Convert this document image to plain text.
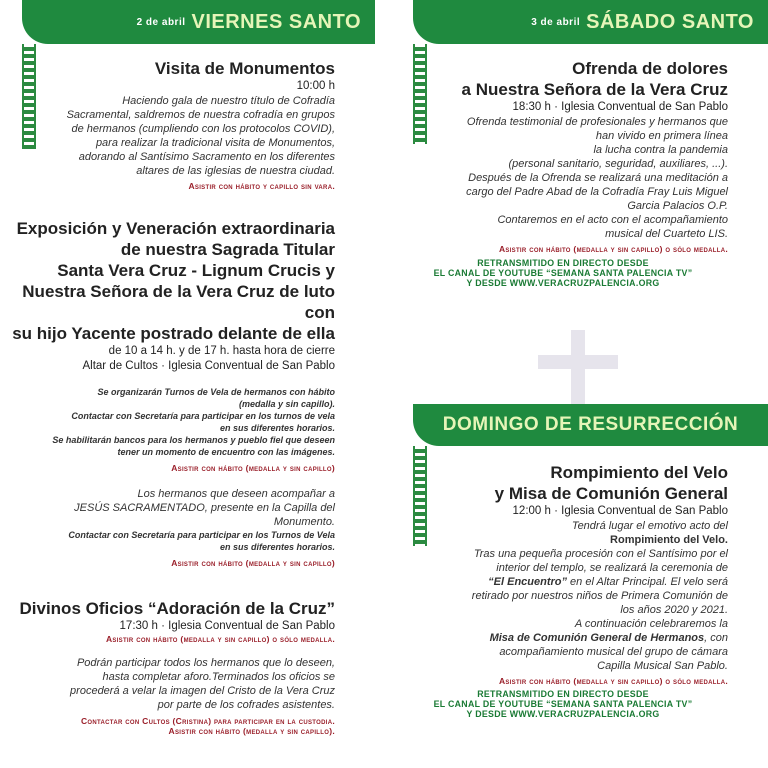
2 de abril VIERNES SANTO
Visita de Monumentos
10:00 h
Haciendo gala de nuestro título de Cofradía
Sacramental, saldremos de nuestra cofradía en grupos
de hermanos (cumpliendo con los protocolos COVID),
para realizar la tradicional visita de Monumentos,
adorando al Santísimo Sacramento en los diferentes
altares de las iglesias de nuestra ciudad.
Asistir con hábito y capillo sin vara.
Exposición y Veneración extraordinaria
de nuestra Sagrada Titular
Santa Vera Cruz - Lignum Crucis y
Nuestra Señora de la Vera Cruz de luto con
su hijo Yacente postrado delante de ella
de 10 a 14 h. y de 17 h. hasta hora de cierre
Altar de Cultos · Iglesia Conventual de San Pablo
Se organizarán Turnos de Vela de hermanos con hábito
(medalla y sin capillo).
Contactar con Secretaría para participar en los turnos de vela
en sus diferentes horarios.
Se habilitarán bancos para los hermanos y pueblo fiel que deseen
tener un momento de encuentro con las imágenes.
Asistir con hábito (medalla y sin capillo)
Los hermanos que deseen acompañar a
JESÚS SACRAMENTADO, presente en la Capilla del
Monumento.
Contactar con Secretaría para participar en los Turnos de Vela
en sus diferentes horarios.
Asistir con hábito (medalla y sin capillo)
Divinos Oficios “Adoración de la Cruz”
17:30 h · Iglesia Conventual de San Pablo
Asistir con hábito (medalla y sin capillo) o sólo medalla.
Podrán participar todos los hermanos que lo deseen,
hasta completar aforo.Terminados los oficios se
procederá a velar la imagen del Cristo de la Vera Cruz
por parte de los cofrades asistentes.
Contactar con Cultos (Cristina) para participar en la custodia.
Asistir con hábito (medalla y sin capillo).
3 de abril SÁBADO SANTO
Ofrenda de dolores
a Nuestra Señora de la Vera Cruz
18:30 h · Iglesia Conventual de San Pablo
Ofrenda testimonial de profesionales y hermanos que
han vivido en primera línea
la lucha contra la pandemia
(personal sanitario, seguridad, auxiliares, ...).
Después de la Ofrenda se realizará una meditación a
cargo del Padre Abad de la Cofradía Fray Luis Miguel
Garcia Palacios O.P.
Contaremos en el acto con el acompañamiento
musical del Cuarteto LIS.
Asistir con hábito (medalla y sin capillo) o sólo medalla.
RETRANSMITIDO EN DIRECTO DESDE
EL CANAL DE YOUTUBE “SEMANA SANTA PALENCIA TV”
Y DESDE WWW.VERACRUZPALENCIA.ORG
DOMINGO DE RESURRECCIÓN
Rompimiento del Velo
y Misa de Comunión General
12:00 h · Iglesia Conventual de San Pablo
Tendrá lugar el emotivo acto del
Rompimiento del Velo.
Tras una pequeña procesión con el Santísimo por el
interior del templo, se realizará la ceremonia de
“El Encuentro” en el Altar Principal. El velo será
retirado por nuestros niños de Primera Comunión de
los años 2020 y 2021.
A continuación celebraremos la
Misa de Comunión General de Hermanos, con
acompañamiento musical del grupo de cámara
Capilla Musical San Pablo.
Asistir con hábito (medalla y sin capillo) o sólo medalla.
RETRANSMITIDO EN DIRECTO DESDE
EL CANAL DE YOUTUBE “SEMANA SANTA PALENCIA TV”
Y DESDE WWW.VERACRUZPALENCIA.ORG
